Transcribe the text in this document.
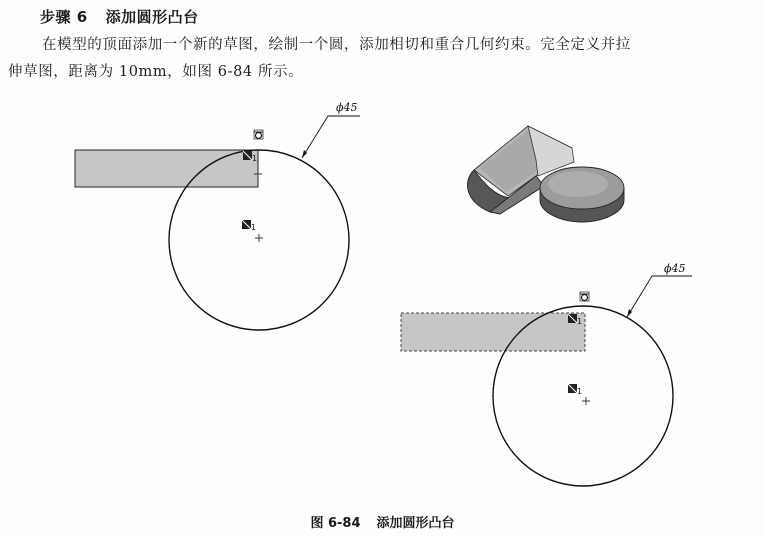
步骤 6 添加圆形凸台
在模型的顶面添加一个新的草图，绘制一个圆，添加相切和重合几何约束。完全定义并拉
伸草图，距离为 10mm，如图 6-84 所示。
1
1
ϕ45
1
1
ϕ45
图 6-84 添加圆形凸台
